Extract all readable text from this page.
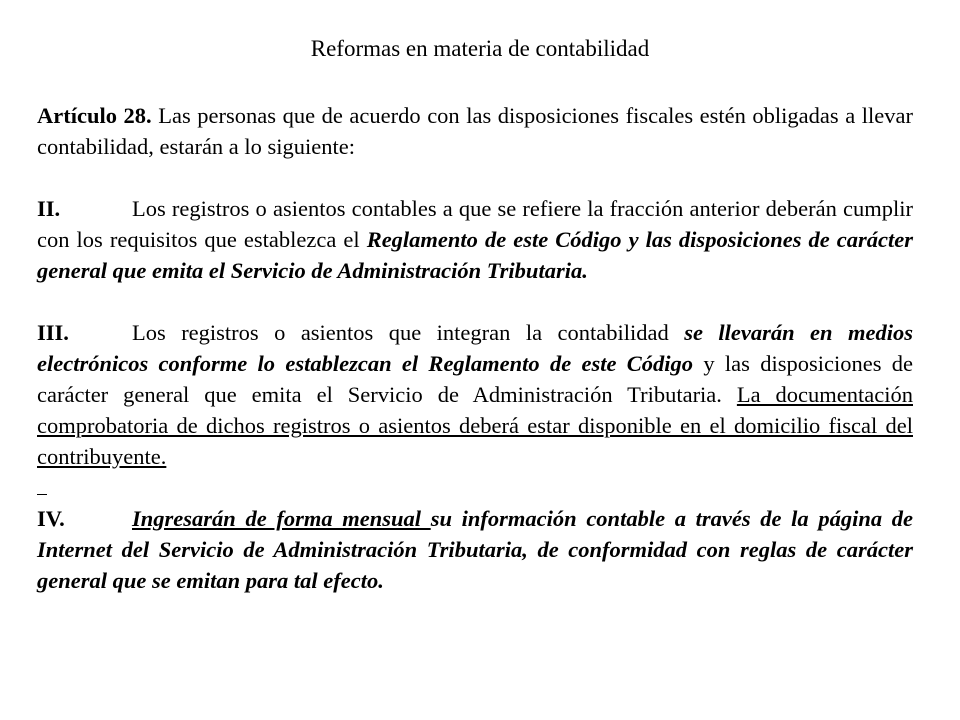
Reformas en materia de contabilidad

Artículo 28. Las personas que de acuerdo con las disposiciones fiscales estén obligadas a llevar contabilidad, estarán a lo siguiente:

II.	Los registros o asientos contables a que se refiere la fracción anterior deberán cumplir con los requisitos que establezca el Reglamento de este Código y las disposiciones de carácter general que emita el Servicio de Administración Tributaria.

III.	Los registros o asientos que integran la contabilidad se llevarán en medios electrónicos conforme lo establezcan el Reglamento de este Código y las disposiciones de carácter general que emita el Servicio de Administración Tributaria. La documentación comprobatoria de dichos registros o asientos deberá estar disponible en el domicilio fiscal del contribuyente.

IV.	Ingresarán de forma mensual su información contable a través de la página de Internet del Servicio de Administración Tributaria, de conformidad con reglas de carácter general que se emitan para tal efecto.
